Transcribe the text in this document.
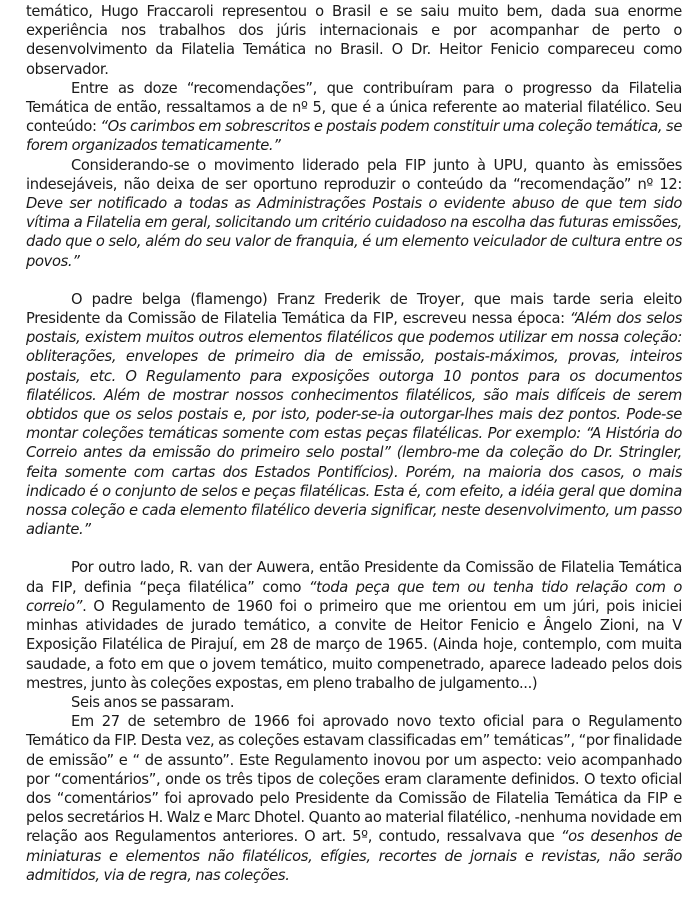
temático, Hugo Fraccaroli representou o Brasil e se saiu muito bem, dada sua enorme experiência nos trabalhos dos júris internacionais e por acompanhar de perto o desenvolvimento da Filatelia Temática no Brasil. O Dr. Heitor Fenicio compareceu como observador.

Entre as doze “recomendações”, que contribuíram para o progresso da Filatelia Temática de então, ressaltamos a de nº 5, que é a única referente ao material filatélico. Seu conteúdo: “Os carimbos em sobrescritos e postais podem constituir uma coleção temática, se forem organizados tematicamente.”

Considerando-se o movimento liderado pela FIP junto à UPU, quanto às emissões indesejáveis, não deixa de ser oportuno reproduzir o conteúdo da “recomendação” nº 12: Deve ser notificado a todas as Administrações Postais o evidente abuso de que tem sido vítima a Filatelia em geral, solicitando um critério cuidadoso na escolha das futuras emissões, dado que o selo, além do seu valor de franquia, é um elemento veiculador de cultura entre os povos.”

O padre belga (flamengo) Franz Frederik de Troyer, que mais tarde seria eleito Presidente da Comissão de Filatelia Temática da FIP, escreveu nessa época: “Além dos selos postais, existem muitos outros elementos filatélicos que podemos utilizar em nossa coleção: obliterações, envelopes de primeiro dia de emissão, postais-máximos, provas, inteiros postais, etc. O Regulamento para exposições outorga 10 pontos para os documentos filatélicos. Além de mostrar nossos conhecimentos filatélicos, são mais difíceis de serem obtidos que os selos postais e, por isto, poder-se-ia outorgar-lhes mais dez pontos. Pode-se montar coleções temáticas somente com estas peças filatélicas. Por exemplo: “A História do Correio antes da emissão do primeiro selo postal” (lembro-me da coleção do Dr. Stringler, feita somente com cartas dos Estados Pontifícios). Porém, na maioria dos casos, o mais indicado é o conjunto de selos e peças filatélicas. Esta é, com efeito, a idéia geral que domina nossa coleção e cada elemento filatélico deveria significar, neste desenvolvimento, um passo adiante.”

Por outro lado, R. van der Auwera, então Presidente da Comissão de Filatelia Temática da FIP, definia “peça filatélica” como “toda peça que tem ou tenha tido relação com o correio”. O Regulamento de 1960 foi o primeiro que me orientou em um júri, pois iniciei minhas atividades de jurado temático, a convite de Heitor Fenicio e Ângelo Zioni, na V Exposição Filatélica de Pirajuí, em 28 de março de 1965. (Ainda hoje, contemplo, com muita saudade, a foto em que o jovem temático, muito compenetrado, aparece ladeado pelos dois mestres, junto às coleções expostas, em pleno trabalho de julgamento...)

Seis anos se passaram.

Em 27 de setembro de 1966 foi aprovado novo texto oficial para o Regulamento Temático da FIP. Desta vez, as coleções estavam classificadas em” temáticas”, “por finalidade de emissão” e “ de assunto”. Este Regulamento inovou por um aspecto: veio acompanhado por “comentários”, onde os três tipos de coleções eram claramente definidos. O texto oficial dos “comentários” foi aprovado pelo Presidente da Comissão de Filatelia Temática da FIP e pelos secretários H. Walz e Marc Dhotel. Quanto ao material filatélico, -nenhuma novidade em relação aos Regulamentos anteriores. O art. 5º, contudo, ressalvava que “os desenhos de miniaturas e elementos não filatélicos, efígies, recortes de jornais e revistas, não serão admitidos, via de regra, nas coleções.
